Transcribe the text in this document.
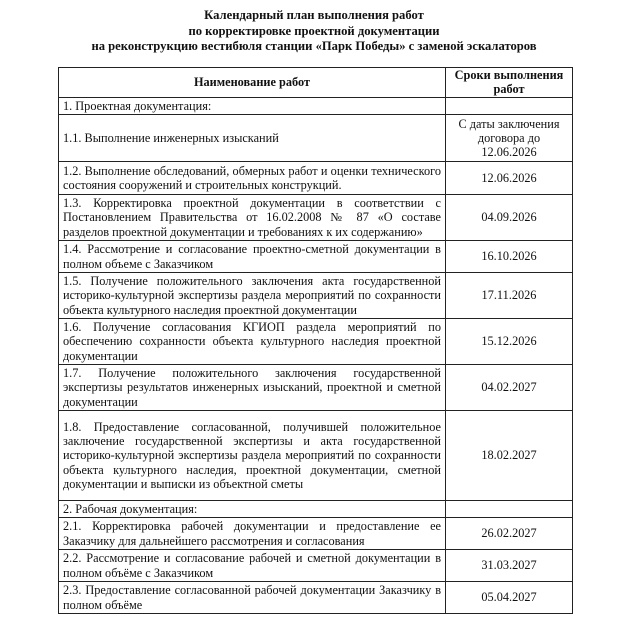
Календарный план выполнения работ
по корректировке проектной документации
на реконструкцию вестибюля станции «Парк Победы» с заменой эскалаторов
Наименование работ	Сроки выполнения работ
1. Проектная документация:	
1.1. Выполнение инженерных изысканий	С даты заключения договора до 12.06.2026
1.2. Выполнение обследований, обмерных работ и оценки технического состояния сооружений и строительных конструкций.	12.06.2026
1.3. Корректировка проектной документации в соответствии с Постановлением Правительства от 16.02.2008 № 87 «О составе разделов проектной документации и требованиях к их содержанию»	04.09.2026
1.4. Рассмотрение и согласование проектно-сметной документации в полном объеме с Заказчиком	16.10.2026
1.5. Получение положительного заключения акта государственной историко-культурной экспертизы раздела мероприятий по сохранности объекта культурного наследия проектной документации	17.11.2026
1.6. Получение согласования КГИОП раздела мероприятий по обеспечению сохранности объекта культурного наследия проектной документации	15.12.2026
1.7. Получение положительного заключения государственной экспертизы результатов инженерных изысканий, проектной и сметной документации	04.02.2027
1.8. Предоставление согласованной, получившей положительное заключение государственной экспертизы и акта государственной историко-культурной экспертизы раздела мероприятий по сохранности объекта культурного наследия, проектной документации, сметной документации и выписки из объектной сметы	18.02.2027
2. Рабочая документация:	
2.1. Корректировка рабочей документации и предоставление ее Заказчику для дальнейшего рассмотрения и согласования	26.02.2027
2.2. Рассмотрение и согласование рабочей и сметной документации в полном объёме с Заказчиком	31.03.2027
2.3. Предоставление согласованной рабочей документации Заказчику в полном объёме	05.04.2027
